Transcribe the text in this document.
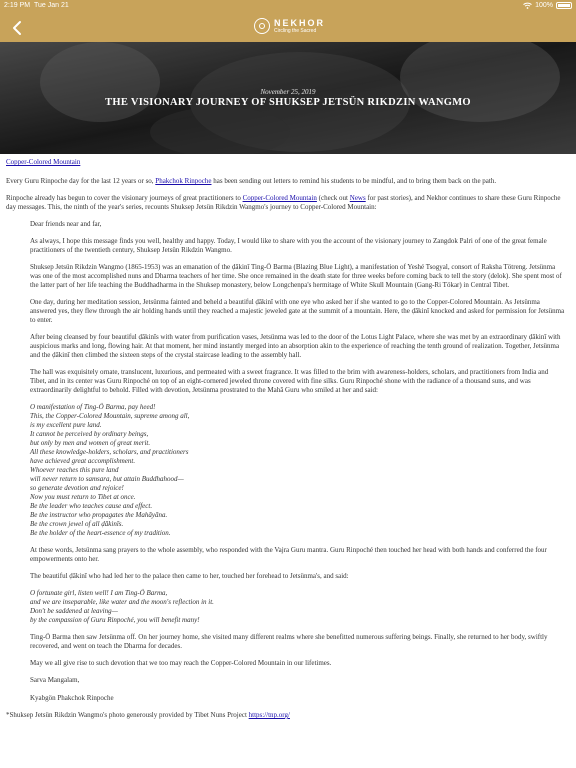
2:19 PM Tue Jan 21	100%
NEKHOR
Circling the Sacred
November 25, 2019
THE VISIONARY JOURNEY OF SHUKSEP JETSÜN RIKDZIN WANGMO

Copper-Colored Mountain

Every Guru Rinpoche day for the last 12 years or so, Phakchok Rinpoche has been sending out letters to remind his students to be mindful, and to bring them back on the path.

Rinpoche already has begun to cover the visionary journeys of great practitioners to Copper-Colored Mountain (check out News for past stories), and Nekhor continues to share these Guru Rinpoche day messages. This, the ninth of the year's series, recounts Shuksep Jetsün Rikdzin Wangmo's journey to Copper-Colored Mountain:

Dear friends near and far,

As always, I hope this message finds you well, healthy and happy. Today, I would like to share with you the account of the visionary journey to Zangdok Palri of one of the great female practitioners of the twentieth century, Shuksep Jetsün Rikdzin Wangmo.

Shuksep Jetsün Rikdzin Wangmo (1865-1953) was an emanation of the ḍākinī Ting-Ö Barma (Blazing Blue Light), a manifestation of Yeshé Tsogyal, consort of Raksha Tötreng. Jetsünma was one of the most accomplished nuns and Dharma teachers of her time. She once remained in the death state for three weeks before coming back to tell the story (delok). She spent most of the latter part of her life teaching the Buddhadharma in the Shuksep monastery, below Longchenpa's hermitage of White Skull Mountain (Gang-Ri Tökar) in Central Tibet.

One day, during her meditation session, Jetsünma fainted and beheld a beautiful ḍākinī with one eye who asked her if she wanted to go to the Copper-Colored Mountain. As Jetsünma answered yes, they flew through the air holding hands until they reached a majestic jeweled gate at the summit of a mountain. Here, the ḍākinī knocked and asked for permission for Jetsünma to enter.

After being cleansed by four beautiful ḍākinīs with water from purification vases, Jetsünma was led to the door of the Lotus Light Palace, where she was met by an extraordinary ḍākinī with auspicious marks and long, flowing hair. At that moment, her mind instantly merged into an absorption akin to the experience of reaching the tenth ground of realization. Together, Jetsünma and the ḍākinī then climbed the sixteen steps of the crystal staircase leading to the assembly hall.

The hall was exquisitely ornate, translucent, luxurious, and permeated with a sweet fragrance. It was filled to the brim with awareness-holders, scholars, and practitioners from India and Tibet, and in its center was Guru Rinpoché on top of an eight-cornered jeweled throne covered with fine silks. Guru Rinpoché shone with the radiance of a thousand suns, and was extraordinarily delightful to behold. Filled with devotion, Jetsünma prostrated to the Mahā Guru who smiled at her and said:

O manifestation of Ting-Ö Barma, pay heed!
This, the Copper-Colored Mountain, supreme among all,
is my excellent pure land.
It cannot be perceived by ordinary beings,
but only by men and women of great merit.
All these knowledge-holders, scholars, and practitioners
have achieved great accomplishment.
Whoever reaches this pure land
will never return to samsara, but attain Buddhahood—
so generate devotion and rejoice!
Now you must return to Tibet at once.
Be the leader who teaches cause and effect.
Be the instructor who propagates the Mahāyāna.
Be the crown jewel of all ḍākinīs.
Be the holder of the heart-essence of my tradition.

At these words, Jetsünma sang prayers to the whole assembly, who responded with the Vajra Guru mantra. Guru Rinpoché then touched her head with both hands and conferred the four empowerments onto her.

The beautiful ḍākinī who had led her to the palace then came to her, touched her forehead to Jetsünma's, and said:

O fortunate girl, listen well! I am Ting-Ö Barma,
and we are inseparable, like water and the moon's reflection in it.
Don't be saddened at leaving—
by the compassion of Guru Rinpoché, you will benefit many!

Ting-Ö Barma then saw Jetsünma off. On her journey home, she visited many different realms where she benefitted numerous suffering beings. Finally, she returned to her body, swiftly recovered, and went on teach the Dharma for decades.

May we all give rise to such devotion that we too may reach the Copper-Colored Mountain in our lifetimes.

Sarva Mangalam,

Kyabgön Phakchok Rinpoche

*Shuksep Jetsün Rikdzin Wangmo's photo generously provided by Tibet Nuns Project https://tnp.org/
